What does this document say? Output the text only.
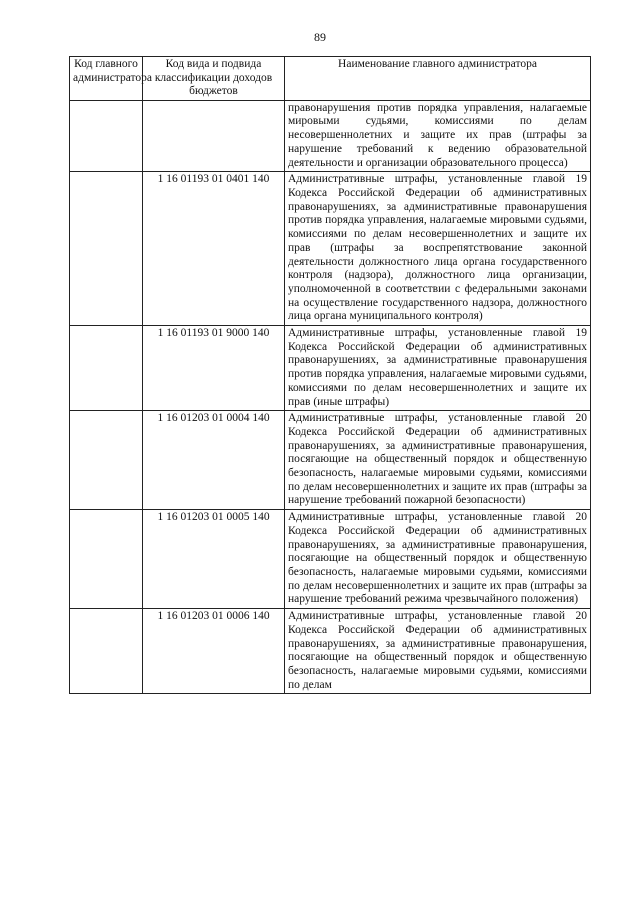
89
Код главного администратора	Код вида и подвида классификации доходов бюджетов	Наименование главного администратора
		правонарушения против порядка управления, налагаемые мировыми судьями, комиссиями по делам несовершеннолетних и защите их прав (штрафы за нарушение требований к ведению образовательной деятельности и организации образовательного процесса)
	1 16 01193 01 0401 140	Административные штрафы, установленные главой 19 Кодекса Российской Федерации об административных правонарушениях, за административные правонарушения против порядка управления, налагаемые мировыми судьями, комиссиями по делам несовершеннолетних и защите их прав (штрафы за воспрепятствование законной деятельности должностного лица органа государственного контроля (надзора), должностного лица организации, уполномоченной в соответствии с федеральными законами на осуществление государственного надзора, должностного лица органа муниципального контроля)
	1 16 01193 01 9000 140	Административные штрафы, установленные главой 19 Кодекса Российской Федерации об административных правонарушениях, за административные правонарушения против порядка управления, налагаемые мировыми судьями, комиссиями по делам несовершеннолетних и защите их прав (иные штрафы)
	1 16 01203 01 0004 140	Административные штрафы, установленные главой 20 Кодекса Российской Федерации об административных правонарушениях, за административные правонарушения, посягающие на общественный порядок и общественную безопасность, налагаемые мировыми судьями, комиссиями по делам несовершеннолетних и защите их прав (штрафы за нарушение требований пожарной безопасности)
	1 16 01203 01 0005 140	Административные штрафы, установленные главой 20 Кодекса Российской Федерации об административных правонарушениях, за административные правонарушения, посягающие на общественный порядок и общественную безопасность, налагаемые мировыми судьями, комиссиями по делам несовершеннолетних и защите их прав (штрафы за нарушение требований режима чрезвычайного положения)
	1 16 01203 01 0006 140	Административные штрафы, установленные главой 20 Кодекса Российской Федерации об административных правонарушениях, за административные правонарушения, посягающие на общественный порядок и общественную безопасность, налагаемые мировыми судьями, комиссиями по делам
